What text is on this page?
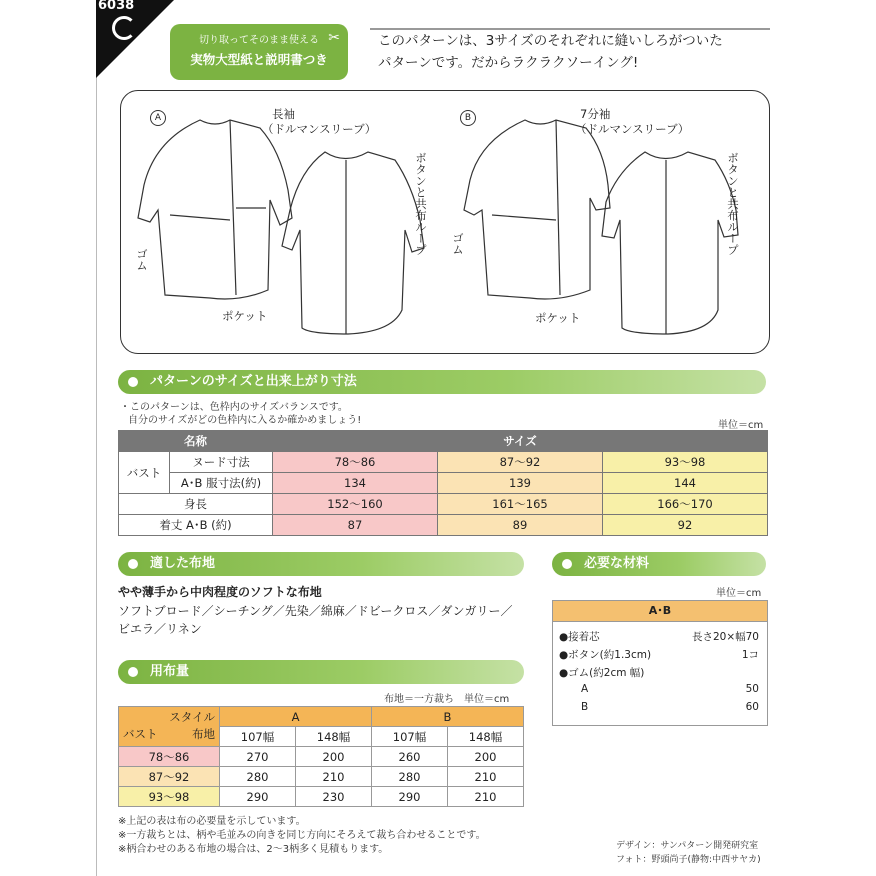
6038
切り取ってそのまま使える
実物大型紙と説明書つき
✂	このパターンは、3サイズのそれぞれに縫いしろがついた
パターンです。だからラクラクソーイング!
A	B
長袖
（ドルマンスリーブ）
7分袖
（ドルマンスリーブ）
ボタンと共布ループ	ボタンと共布ループ
ゴム
ゴム
ポケット	ポケット
パターンのサイズと出来上がり寸法
・このパターンは、色枠内のサイズバランスです。
自分のサイズがどの色枠内に入るか確かめましょう!	単位＝cm
名称		サイズ		
バスト	ヌード寸法	78〜86	87〜92	93〜98
	A･B 服寸法(約)	134	139	144
身長		152〜160	161〜165	166〜170
着丈 A･B (約)		87	89	92
適した布地
やや薄手から中肉程度のソフトな布地
ソフトブロード／シーチング／先染／綿麻／ドビークロス／ダンガリー／
ビエラ／リネン
必要な材料
単位＝cm
A･B
●接着芯	長さ20×幅70
●ボタン(約1.3cm)	1コ
●ゴム(約2cm 幅)
A	50
B	60
用布量
布地＝一方裁ち　単位＝cm
スタイル
バスト 布地	A		B	
	107幅	148幅	107幅	148幅
78〜86	270	200	260	200
87〜92	280	210	280	210
93〜98	290	230	290	210
※上記の表は布の必要量を示しています。
※一方裁ちとは、柄や毛並みの向きを同じ方向にそろえて裁ち合わせることです。
※柄合わせのある布地の場合は、2〜3柄多く見積もります。	デザイン：サンパターン開発研究室
フォト：野頭尚子(静物:中西サヤカ)
